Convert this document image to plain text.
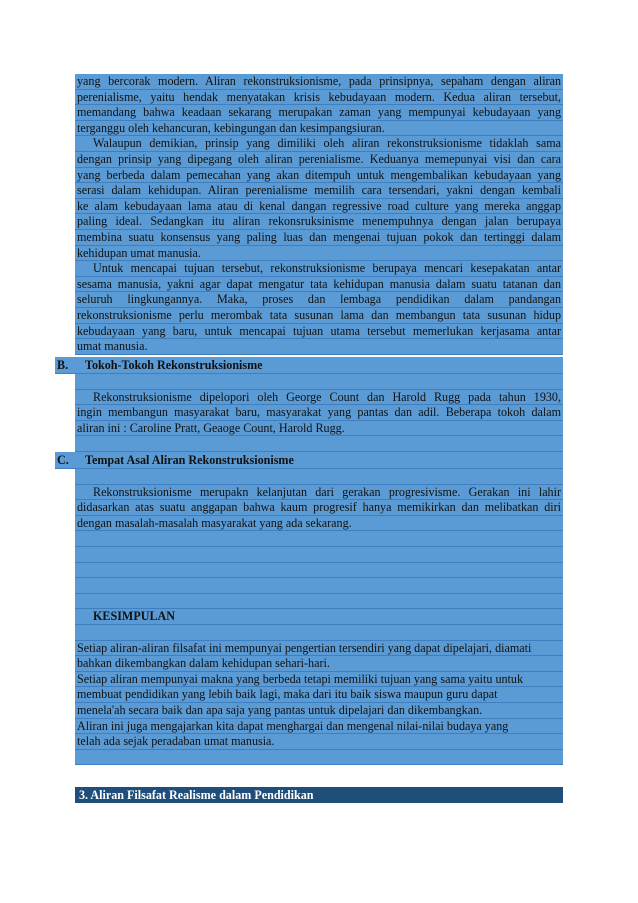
yang bercorak modern. Aliran rekonstruksionisme, pada prinsipnya, sepaham dengan aliran
perenialisme, yaitu hendak menyatakan krisis kebudayaan modern. Kedua aliran tersebut,
memandang bahwa keadaan sekarang merupakan zaman yang mempunyai kebudayaan yang
terganggu oleh kehancuran, kebingungan dan kesimpangsiuran.
Walaupun demikian, prinsip yang dimiliki oleh aliran rekonstruksionisme tidaklah sama
dengan prinsip yang dipegang oleh aliran perenialisme. Keduanya memepunyai visi dan cara
yang berbeda dalam pemecahan yang akan ditempuh untuk mengembalikan kebudayaan yang
serasi dalam kehidupan. Aliran perenialisme memilih cara tersendari, yakni dengan kembali
ke alam kebudayaan lama atau di kenal dangan regressive road culture yang mereka anggap
paling ideal. Sedangkan itu aliran rekonsruksinisme menempuhnya dengan jalan berupaya
membina suatu konsensus yang paling luas dan mengenai tujuan pokok dan tertinggi dalam
kehidupan umat manusia.
Untuk mencapai tujuan tersebut, rekonstruksionisme berupaya mencari kesepakatan antar
sesama manusia, yakni agar dapat mengatur tata kehidupan manusia dalam suatu tatanan dan
seluruh lingkungannya. Maka, proses dan lembaga pendidikan dalam pandangan
rekonstruksionisme perlu merombak tata susunan lama dan membangun tata susunan hidup
kebudayaan yang baru, untuk mencapai tujuan utama tersebut memerlukan kerjasama antar
umat manusia.
B. Tokoh-Tokoh Rekonstruksionisme
Rekonstruksionisme dipelopori oleh George Count dan Harold Rugg pada tahun 1930,
ingin membangun masyarakat baru, masyarakat yang pantas dan adil. Beberapa tokoh dalam
aliran ini : Caroline Pratt, Geaoge Count, Harold Rugg.
C. Tempat Asal Aliran Rekonstruksionisme
Rekonstruksionisme merupakn kelanjutan dari gerakan progresivisme. Gerakan ini lahir
didasarkan atas suatu anggapan bahwa kaum progresif hanya memikirkan dan melibatkan diri
dengan masalah-masalah masyarakat yang ada sekarang.
KESIMPULAN
Setiap aliran-aliran filsafat ini mempunyai pengertian tersendiri yang dapat dipelajari, diamati
bahkan dikembangkan dalam kehidupan sehari-hari.
Setiap aliran mempunyai makna yang berbeda tetapi memiliki tujuan yang sama yaitu untuk
membuat pendidikan yang lebih baik lagi, maka dari itu baik siswa maupun guru dapat
menela'ah secara baik dan apa saja yang pantas untuk dipelajari dan dikembangkan.
Aliran ini juga mengajarkan kita dapat menghargai dan mengenal nilai-nilai budaya yang
telah ada sejak peradaban umat manusia.
3. Aliran Filsafat Realisme dalam Pendidikan
